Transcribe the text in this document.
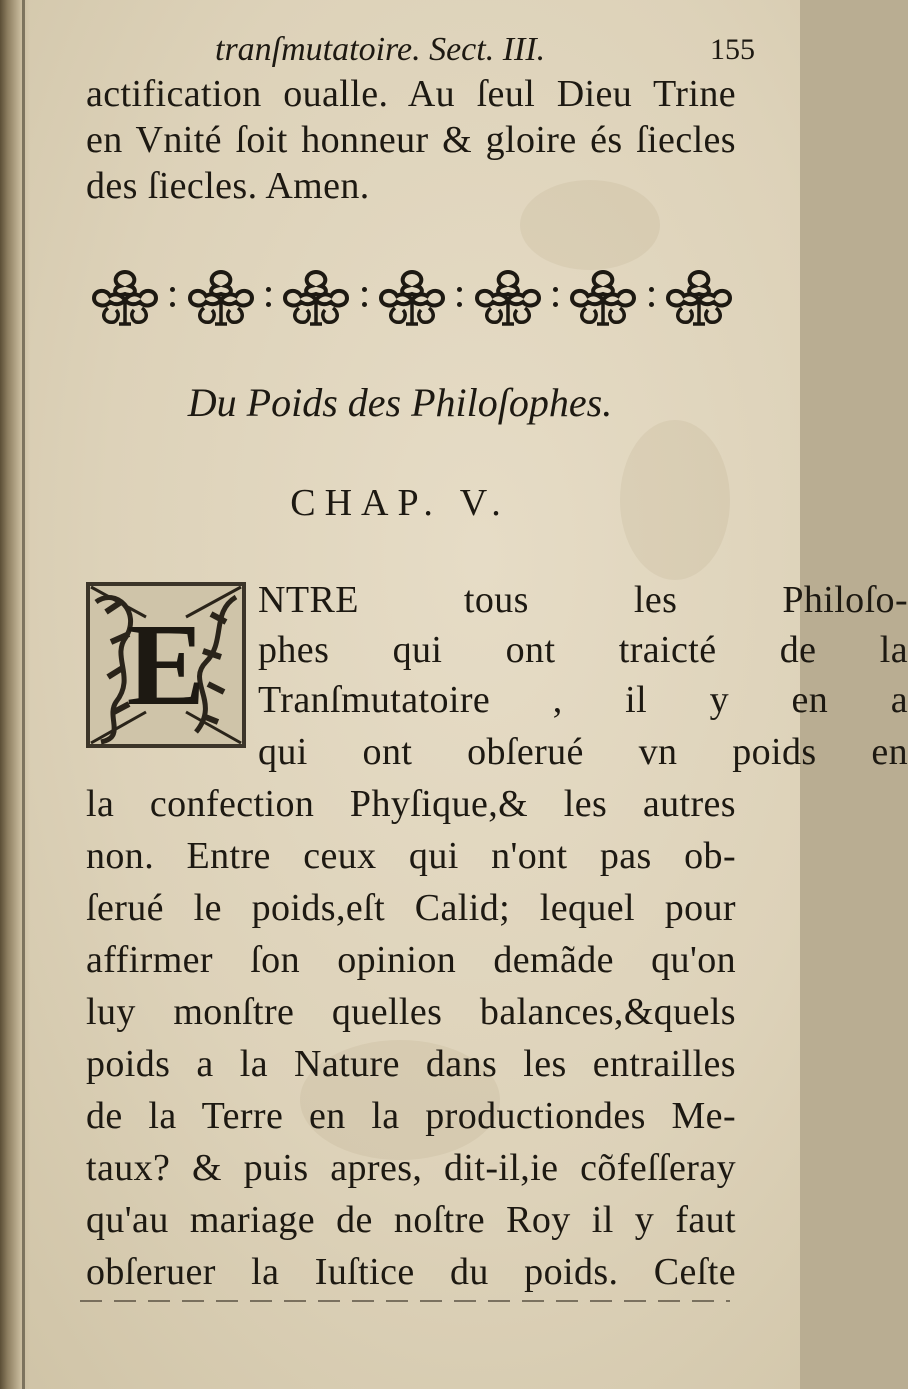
tranſmutatoire. Sect. III.	155
actification oualle. Au ſeul Dieu Trine
en Vnité ſoit honneur & gloire és ſiecles
des ſiecles. Amen.
Du Poids des Philoſophes.
CHAP. V.
E NTRE tous les Philoſo-
phes qui ont traicté de la
Tranſmutatoire , il y en a
qui ont obſerué vn poids en
la confection Phyſique,& les autres
non. Entre ceux qui n'ont pas ob-
ſerué le poids,eſt Calid; lequel pour
affirmer ſon opinion demãde qu'on
luy monſtre quelles balances,&quels
poids a la Nature dans les entrailles
de la Terre en la productiondes Me-
taux? & puis apres, dit-il,ie cõfeſſeray
qu'au mariage de noſtre Roy il y faut
obſeruer la Iuſtice du poids. Ceſte
